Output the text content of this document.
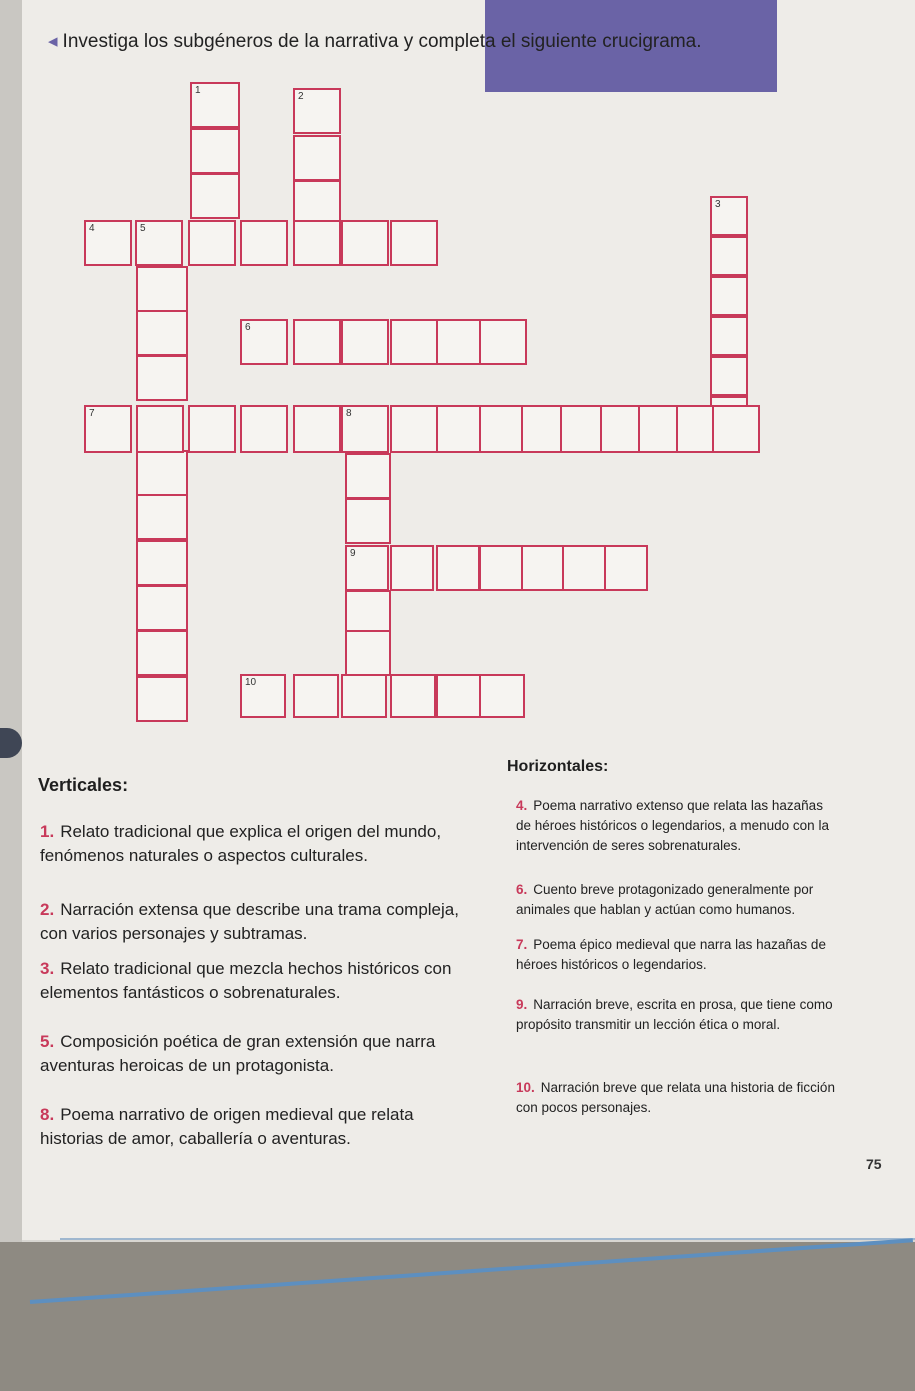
◂ Investiga los subgéneros de la narrativa y completa el siguiente crucigrama.
1
2
3
4	5
6
7	8
9
10
Verticales:
Horizontales:
1. Relato tradicional que explica el origen del mundo, fenómenos naturales o aspectos culturales.
2. Narración extensa que describe una trama compleja, con varios personajes y subtramas.
3. Relato tradicional que mezcla hechos históricos con elementos fantásticos o sobrenaturales.
5. Composición poética de gran extensión que narra aventuras heroicas de un protagonista.
8. Poema narrativo de origen medieval que relata historias de amor, caballería o aventuras.
4. Poema narrativo extenso que relata las hazañas de héroes históricos o legendarios, a menudo con la intervención de seres sobrenaturales.
6. Cuento breve protagonizado generalmente por animales que hablan y actúan como humanos.
7. Poema épico medieval que narra las hazañas de héroes históricos o legendarios.
9. Narración breve, escrita en prosa, que tiene como propósito transmitir un lección ética o moral.
10. Narración breve que relata una historia de ficción con pocos personajes.
75
